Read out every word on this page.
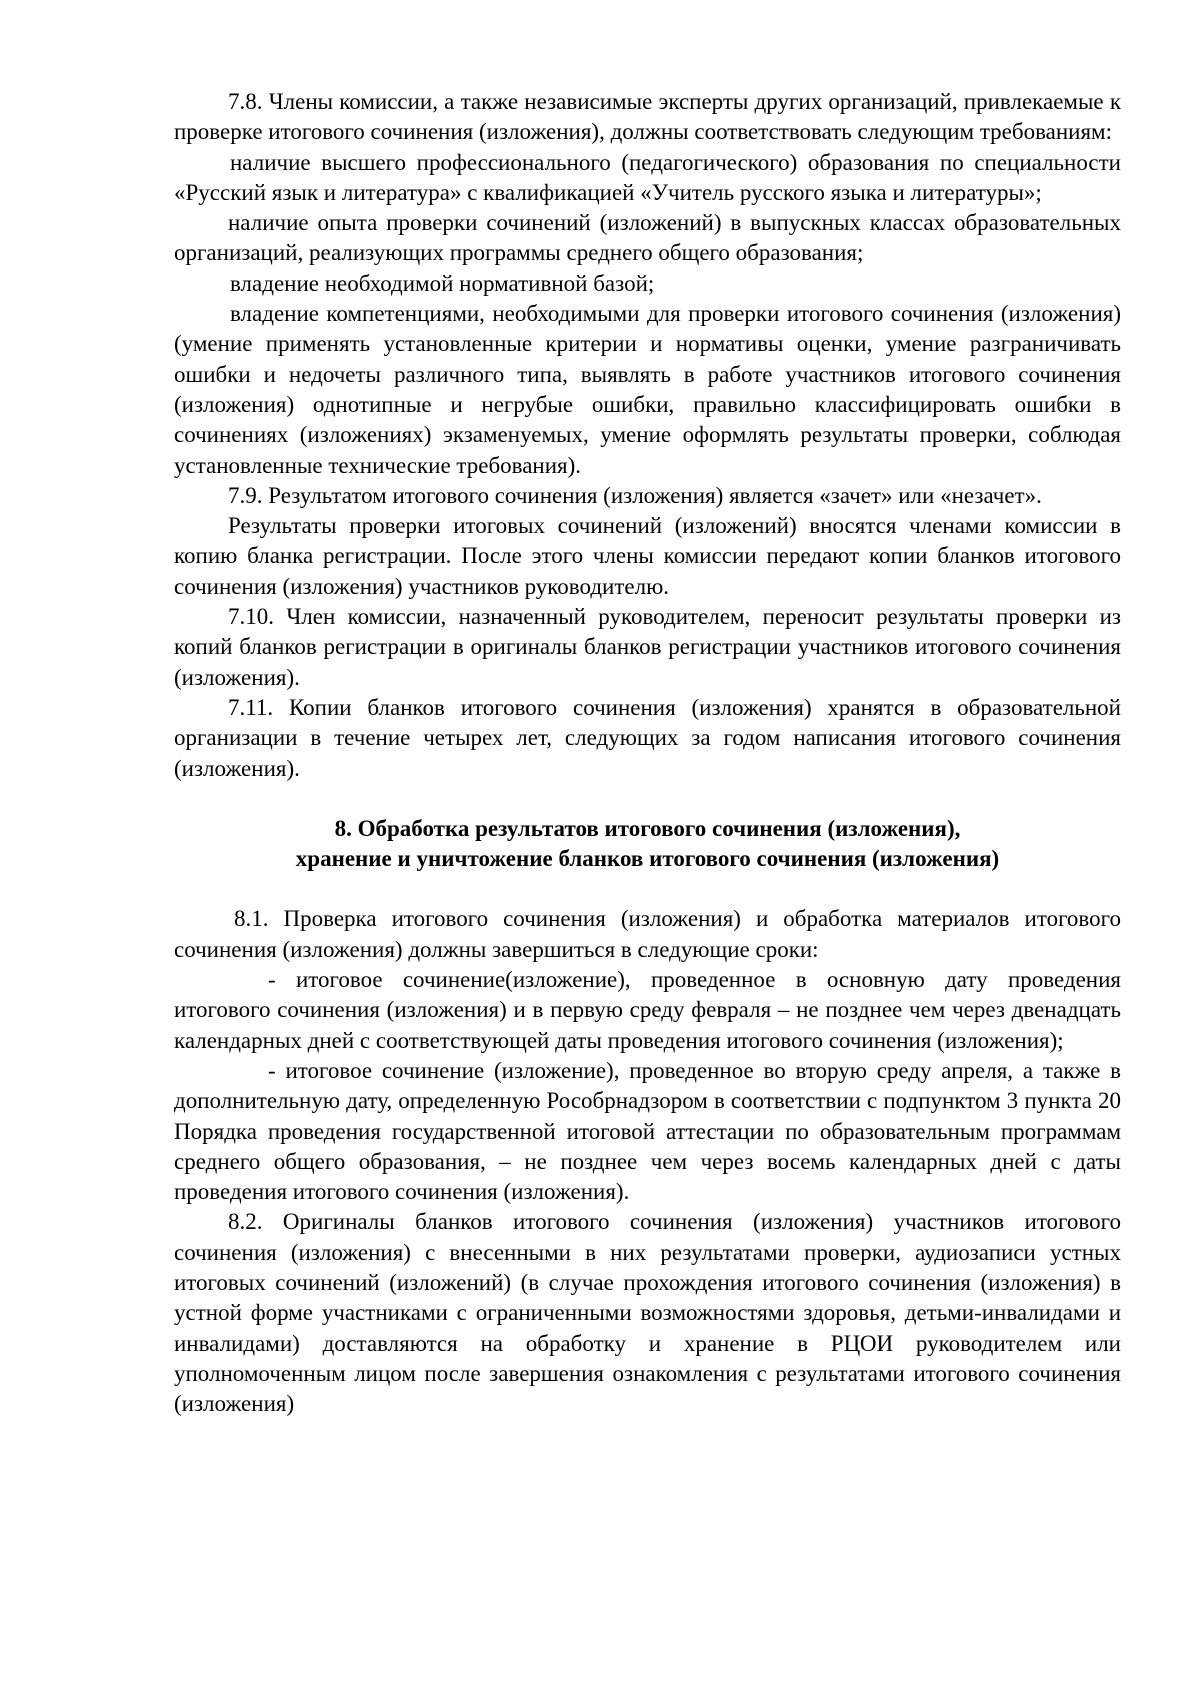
7.8. Члены комиссии, а также независимые эксперты других организаций, привлекаемые к проверке итогового сочинения (изложения), должны соответствовать следующим требованиям:

наличие высшего профессионального (педагогического) образования по специальности «Русский язык и литература» с квалификацией «Учитель русского языка и литературы»;

наличие опыта проверки сочинений (изложений) в выпускных классах образовательных организаций, реализующих программы среднего общего образования;

владение необходимой нормативной базой;

владение компетенциями, необходимыми для проверки итогового сочинения (изложения) (умение применять установленные критерии и нормативы оценки, умение разграничивать ошибки и недочеты различного типа, выявлять в работе участников итогового сочинения (изложения) однотипные и негрубые ошибки, правильно классифицировать ошибки в сочинениях (изложениях) экзаменуемых, умение оформлять результаты проверки, соблюдая установленные технические требования).

7.9. Результатом итогового сочинения (изложения) является «зачет» или «незачет».

Результаты проверки итоговых сочинений (изложений) вносятся членами комиссии в копию бланка регистрации. После этого члены комиссии передают копии бланков итогового сочинения (изложения) участников руководителю.

7.10. Член комиссии, назначенный руководителем, переносит результаты проверки из копий бланков регистрации в оригиналы бланков регистрации участников итогового сочинения (изложения).

7.11. Копии бланков итогового сочинения (изложения) хранятся в образовательной организации в течение четырех лет, следующих за годом написания итогового сочинения (изложения).

8. Обработка результатов итогового сочинения (изложения),

хранение и уничтожение бланков итогового сочинения (изложения)

8.1. Проверка итогового сочинения (изложения) и обработка материалов итогового сочинения (изложения) должны завершиться в следующие сроки:

- итоговое сочинение(изложение), проведенное в основную дату проведения итогового сочинения (изложения) и в первую среду февраля – не позднее чем через двенадцать календарных дней с соответствующей даты проведения итогового сочинения (изложения);

- итоговое сочинение (изложение), проведенное во вторую среду апреля, а также в дополнительную дату, определенную Рособрнадзором в соответствии с подпунктом 3 пункта 20 Порядка проведения государственной итоговой аттестации по образовательным программам среднего общего образования, – не позднее чем через восемь календарных дней с даты проведения итогового сочинения (изложения).

8.2. Оригиналы бланков итогового сочинения (изложения) участников итогового сочинения (изложения) с внесенными в них результатами проверки, аудиозаписи устных итоговых сочинений (изложений) (в случае прохождения итогового сочинения (изложения) в устной форме участниками с ограниченными возможностями здоровья, детьми-инвалидами и инвалидами) доставляются на обработку и хранение в РЦОИ руководителем или уполномоченным лицом после завершения ознакомления с результатами итогового сочинения (изложения)
